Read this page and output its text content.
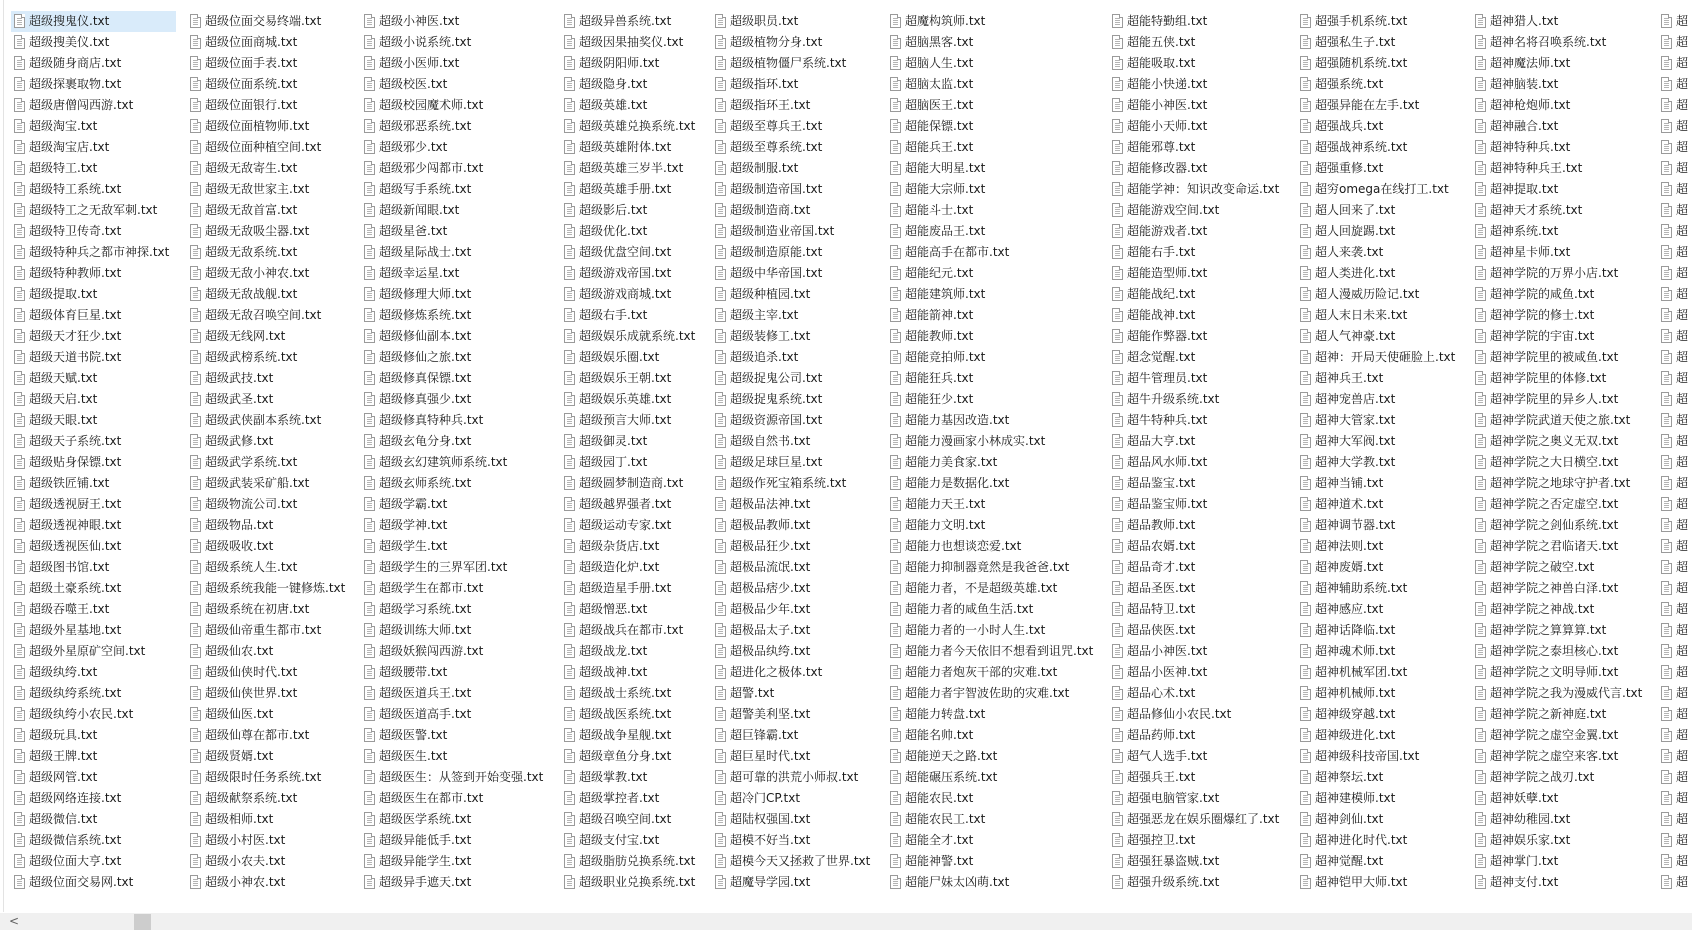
超级搜鬼仪.txt
超级搜美仪.txt
超级随身商店.txt
超级探裹取物.txt
超级唐僧闯西游.txt
超级淘宝.txt
超级淘宝店.txt
超级特工.txt
超级特工系统.txt
超级特工之无敌军刺.txt
超级特卫传奇.txt
超级特种兵之都市神探.txt
超级特种教师.txt
超级提取.txt
超级体育巨星.txt
超级天才狂少.txt
超级天道书院.txt
超级天赋.txt
超级天启.txt
超级天眼.txt
超级天子系统.txt
超级贴身保镖.txt
超级铁匠铺.txt
超级透视厨王.txt
超级透视神眼.txt
超级透视医仙.txt
超级图书馆.txt
超级土豪系统.txt
超级吞噬王.txt
超级外星基地.txt
超级外星原矿空间.txt
超级纨绔.txt
超级纨绔系统.txt
超级纨绔小农民.txt
超级玩具.txt
超级王牌.txt
超级网管.txt
超级网络连接.txt
超级微信.txt
超级微信系统.txt
超级位面大亨.txt
超级位面交易网.txt
超级位面交易终端.txt
超级位面商城.txt
超级位面手表.txt
超级位面系统.txt
超级位面银行.txt
超级位面植物师.txt
超级位面种植空间.txt
超级无敌寄生.txt
超级无敌世家主.txt
超级无敌首富.txt
超级无敌吸尘器.txt
超级无敌系统.txt
超级无敌小神农.txt
超级无敌战舰.txt
超级无敌召唤空间.txt
超级无线网.txt
超级武榜系统.txt
超级武技.txt
超级武圣.txt
超级武侠副本系统.txt
超级武修.txt
超级武学系统.txt
超级武装采矿船.txt
超级物流公司.txt
超级物品.txt
超级吸收.txt
超级系统人生.txt
超级系统我能一键修炼.txt
超级系统在初唐.txt
超级仙帝重生都市.txt
超级仙农.txt
超级仙侠时代.txt
超级仙侠世界.txt
超级仙医.txt
超级仙尊在都市.txt
超级贤婿.txt
超级限时任务系统.txt
超级献祭系统.txt
超级相师.txt
超级小村医.txt
超级小农夫.txt
超级小神农.txt
超级小神医.txt
超级小说系统.txt
超级小医师.txt
超级校医.txt
超级校园魔术师.txt
超级邪恶系统.txt
超级邪少.txt
超级邪少闯都市.txt
超级写手系统.txt
超级新闻眼.txt
超级星爸.txt
超级星际战士.txt
超级幸运星.txt
超级修理大师.txt
超级修炼系统.txt
超级修仙副本.txt
超级修仙之旅.txt
超级修真保镖.txt
超级修真强少.txt
超级修真特种兵.txt
超级玄龟分身.txt
超级玄幻建筑师系统.txt
超级玄师系统.txt
超级学霸.txt
超级学神.txt
超级学生.txt
超级学生的三界军团.txt
超级学生在都市.txt
超级学习系统.txt
超级训练大师.txt
超级妖猴闯西游.txt
超级腰带.txt
超级医道兵王.txt
超级医道高手.txt
超级医警.txt
超级医生.txt
超级医生：从签到开始变强.txt
超级医生在都市.txt
超级医学系统.txt
超级异能低手.txt
超级异能学生.txt
超级异手遮天.txt
超级异兽系统.txt
超级因果抽奖仪.txt
超级阴阳师.txt
超级隐身.txt
超级英雄.txt
超级英雄兑换系统.txt
超级英雄附体.txt
超级英雄三岁半.txt
超级英雄手册.txt
超级影后.txt
超级优化.txt
超级优盘空间.txt
超级游戏帝国.txt
超级游戏商城.txt
超级右手.txt
超级娱乐成就系统.txt
超级娱乐圈.txt
超级娱乐王朝.txt
超级娱乐英雄.txt
超级预言大师.txt
超级御灵.txt
超级园丁.txt
超级圆梦制造商.txt
超级越界强者.txt
超级运动专家.txt
超级杂货店.txt
超级造化炉.txt
超级造星手册.txt
超级憎恶.txt
超级战兵在都市.txt
超级战龙.txt
超级战神.txt
超级战士系统.txt
超级战医系统.txt
超级战争星舰.txt
超级章鱼分身.txt
超级掌教.txt
超级掌控者.txt
超级召唤空间.txt
超级支付宝.txt
超级脂肪兑换系统.txt
超级职业兑换系统.txt
超级职员.txt
超级植物分身.txt
超级植物僵尸系统.txt
超级指环.txt
超级指环王.txt
超级至尊兵王.txt
超级至尊系统.txt
超级制服.txt
超级制造帝国.txt
超级制造商.txt
超级制造业帝国.txt
超级制造原能.txt
超级中华帝国.txt
超级种植园.txt
超级主宰.txt
超级装修工.txt
超级追杀.txt
超级捉鬼公司.txt
超级捉鬼系统.txt
超级资源帝国.txt
超级自然书.txt
超级足球巨星.txt
超级作死宝箱系统.txt
超极品法神.txt
超极品教师.txt
超极品狂少.txt
超极品流氓.txt
超极品痞少.txt
超极品少年.txt
超极品太子.txt
超极品纨绔.txt
超进化之极体.txt
超警.txt
超警美利坚.txt
超巨锋霸.txt
超巨星时代.txt
超可靠的洪荒小师叔.txt
超冷门CP.txt
超陆权强国.txt
超模不好当.txt
超模今天又拯救了世界.txt
超魔导学园.txt
超魔构筑师.txt
超脑黑客.txt
超脑人生.txt
超脑太监.txt
超脑医王.txt
超能保镖.txt
超能兵王.txt
超能大明星.txt
超能大宗师.txt
超能斗士.txt
超能废品王.txt
超能高手在都市.txt
超能纪元.txt
超能建筑师.txt
超能箭神.txt
超能教师.txt
超能竞拍师.txt
超能狂兵.txt
超能狂少.txt
超能力基因改造.txt
超能力漫画家小林成实.txt
超能力美食家.txt
超能力是数据化.txt
超能力天王.txt
超能力文明.txt
超能力也想谈恋爱.txt
超能力抑制器竟然是我爸爸.txt
超能力者，不是超级英雄.txt
超能力者的咸鱼生活.txt
超能力者的一小时人生.txt
超能力者今天依旧不想看到诅咒.txt
超能力者炮灰干部的灾难.txt
超能力者宇智波佐助的灾难.txt
超能力转盘.txt
超能名帅.txt
超能逆天之路.txt
超能碾压系统.txt
超能农民.txt
超能农民工.txt
超能全才.txt
超能神警.txt
超能尸妹太凶萌.txt
超能特勤组.txt
超能五侠.txt
超能吸取.txt
超能小快递.txt
超能小神医.txt
超能小天师.txt
超能邪尊.txt
超能修改器.txt
超能学神：知识改变命运.txt
超能游戏空间.txt
超能游戏者.txt
超能右手.txt
超能造型师.txt
超能战纪.txt
超能战神.txt
超能作弊器.txt
超念觉醒.txt
超牛管理员.txt
超牛升级系统.txt
超牛特种兵.txt
超品大亨.txt
超品风水师.txt
超品鉴宝.txt
超品鉴宝师.txt
超品教师.txt
超品农婿.txt
超品奇才.txt
超品圣医.txt
超品特卫.txt
超品侠医.txt
超品小神医.txt
超品小医神.txt
超品心术.txt
超品修仙小农民.txt
超品药师.txt
超气人选手.txt
超强兵王.txt
超强电脑管家.txt
超强恶龙在娱乐圈爆红了.txt
超强控卫.txt
超强狂暴盗贼.txt
超强升级系统.txt
超强手机系统.txt
超强私生子.txt
超强随机系统.txt
超强系统.txt
超强异能在左手.txt
超强战兵.txt
超强战神系统.txt
超强重修.txt
超穷omega在线打工.txt
超人回来了.txt
超人回旋踢.txt
超人来袭.txt
超人类进化.txt
超人漫威历险记.txt
超人末日未来.txt
超人气神豪.txt
超神：开局天使砸脸上.txt
超神兵王.txt
超神宠兽店.txt
超神大管家.txt
超神大军阀.txt
超神大学教.txt
超神当铺.txt
超神道术.txt
超神调节器.txt
超神法则.txt
超神废婿.txt
超神辅助系统.txt
超神感应.txt
超神话降临.txt
超神魂术师.txt
超神机械军团.txt
超神机械师.txt
超神级穿越.txt
超神级进化.txt
超神级科技帝国.txt
超神祭坛.txt
超神建模师.txt
超神剑仙.txt
超神进化时代.txt
超神觉醒.txt
超神铠甲大师.txt
超神猎人.txt
超神名将召唤系统.txt
超神魔法师.txt
超神脑装.txt
超神枪炮师.txt
超神融合.txt
超神特种兵.txt
超神特种兵王.txt
超神提取.txt
超神天才系统.txt
超神系统.txt
超神星卡师.txt
超神学院的万界小店.txt
超神学院的咸鱼.txt
超神学院的修士.txt
超神学院的宇宙.txt
超神学院里的被咸鱼.txt
超神学院里的体修.txt
超神学院里的异乡人.txt
超神学院武道天使之旅.txt
超神学院之奥义无双.txt
超神学院之大日横空.txt
超神学院之地球守护者.txt
超神学院之否定虚空.txt
超神学院之剑仙系统.txt
超神学院之君临诸天.txt
超神学院之破空.txt
超神学院之神兽白泽.txt
超神学院之神战.txt
超神学院之算算算.txt
超神学院之泰坦核心.txt
超神学院之文明导师.txt
超神学院之我为漫威代言.txt
超神学院之新神庭.txt
超神学院之虚空金翼.txt
超神学院之虚空来客.txt
超神学院之战刃.txt
超神妖孽.txt
超神幼稚园.txt
超神娱乐家.txt
超神掌门.txt
超神支付.txt
超
超
超
超
超
超
超
超
超
超
超
超
超
超
超
超
超
超
超
超
超
超
超
超
超
超
超
超
超
超
超
超
超
超
超
超
超
超
超
超
超
超
<
